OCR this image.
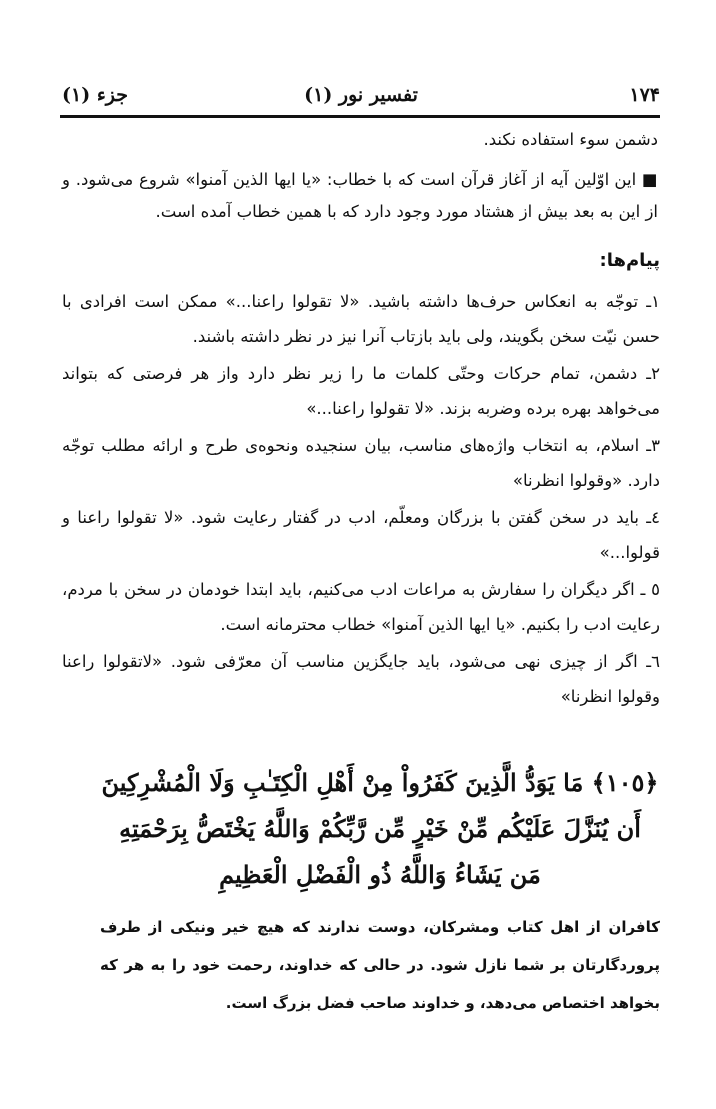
۱۷۴
تفسیر نور (۱)
جزء (۱)
دشمن سوء استفاده نکند.
■ این اوّلین آیه از آغاز قرآن است که با خطاب: «یا ایها الذین آمنوا» شروع می‌شود. و از این به بعد بیش از هشتاد مورد وجود دارد که با همین خطاب آمده است.
پیام‌ها:

۱ـ توجّه به انعکاس حرف‌ها داشته باشید. «لا تقولوا راعنا...» ممکن است افرادی با حسن نیّت سخن بگویند، ولی باید بازتاب آنرا نیز در نظر داشته باشند.

۲ـ دشمن، تمام حرکات وحتّی کلمات ما را زیر نظر دارد واز هر فرصتی که بتواند می‌خواهد بهره برده وضربه بزند. «لا تقولوا راعنا...»

۳ـ اسلام، به انتخاب واژه‌های مناسب، بیان سنجیده ونحوه‌ی طرح و ارائه مطلب توجّه دارد. «وقولوا انظرنا»

٤ـ باید در سخن گفتن با بزرگان ومعلّم، ادب در گفتار رعایت شود. «لا تقولوا راعنا و قولوا...»

٥ ـ اگر دیگران را سفارش به مراعات ادب می‌کنیم، باید ابتدا خودمان در سخن با مردم، رعایت ادب را بکنیم. «یا ایها الذین آمنوا» خطاب محترمانه است.

٦ـ اگر از چیزی نهی می‌شود، باید جایگزین مناسب آن معرّفی شود. «لاتقولوا راعنا وقولوا انظرنا»

﴿١٠٥﴾ مَا يَوَدُّ الَّذِينَ كَفَرُواْ مِنْ أَهْلِ الْكِتَـٰبِ وَلَا الْمُشْرِكِينَ أَن يُنَزَّلَ عَلَيْكُم مِّنْ خَيْرٍ مِّن رَّبِّكُمْ وَاللَّهُ يَخْتَصُّ بِرَحْمَتِهِ مَن يَشَاءُ وَاللَّهُ ذُو الْفَضْلِ الْعَظِيمِ
کافران از اهل کتاب ومشرکان، دوست ندارند که هیچ خیر ونیکی از طرف پروردگارتان بر شما نازل شود. در حالی که خداوند، رحمت خود را به هر که بخواهد اختصاص می‌دهد، و خداوند صاحب فضل بزرگ است.
